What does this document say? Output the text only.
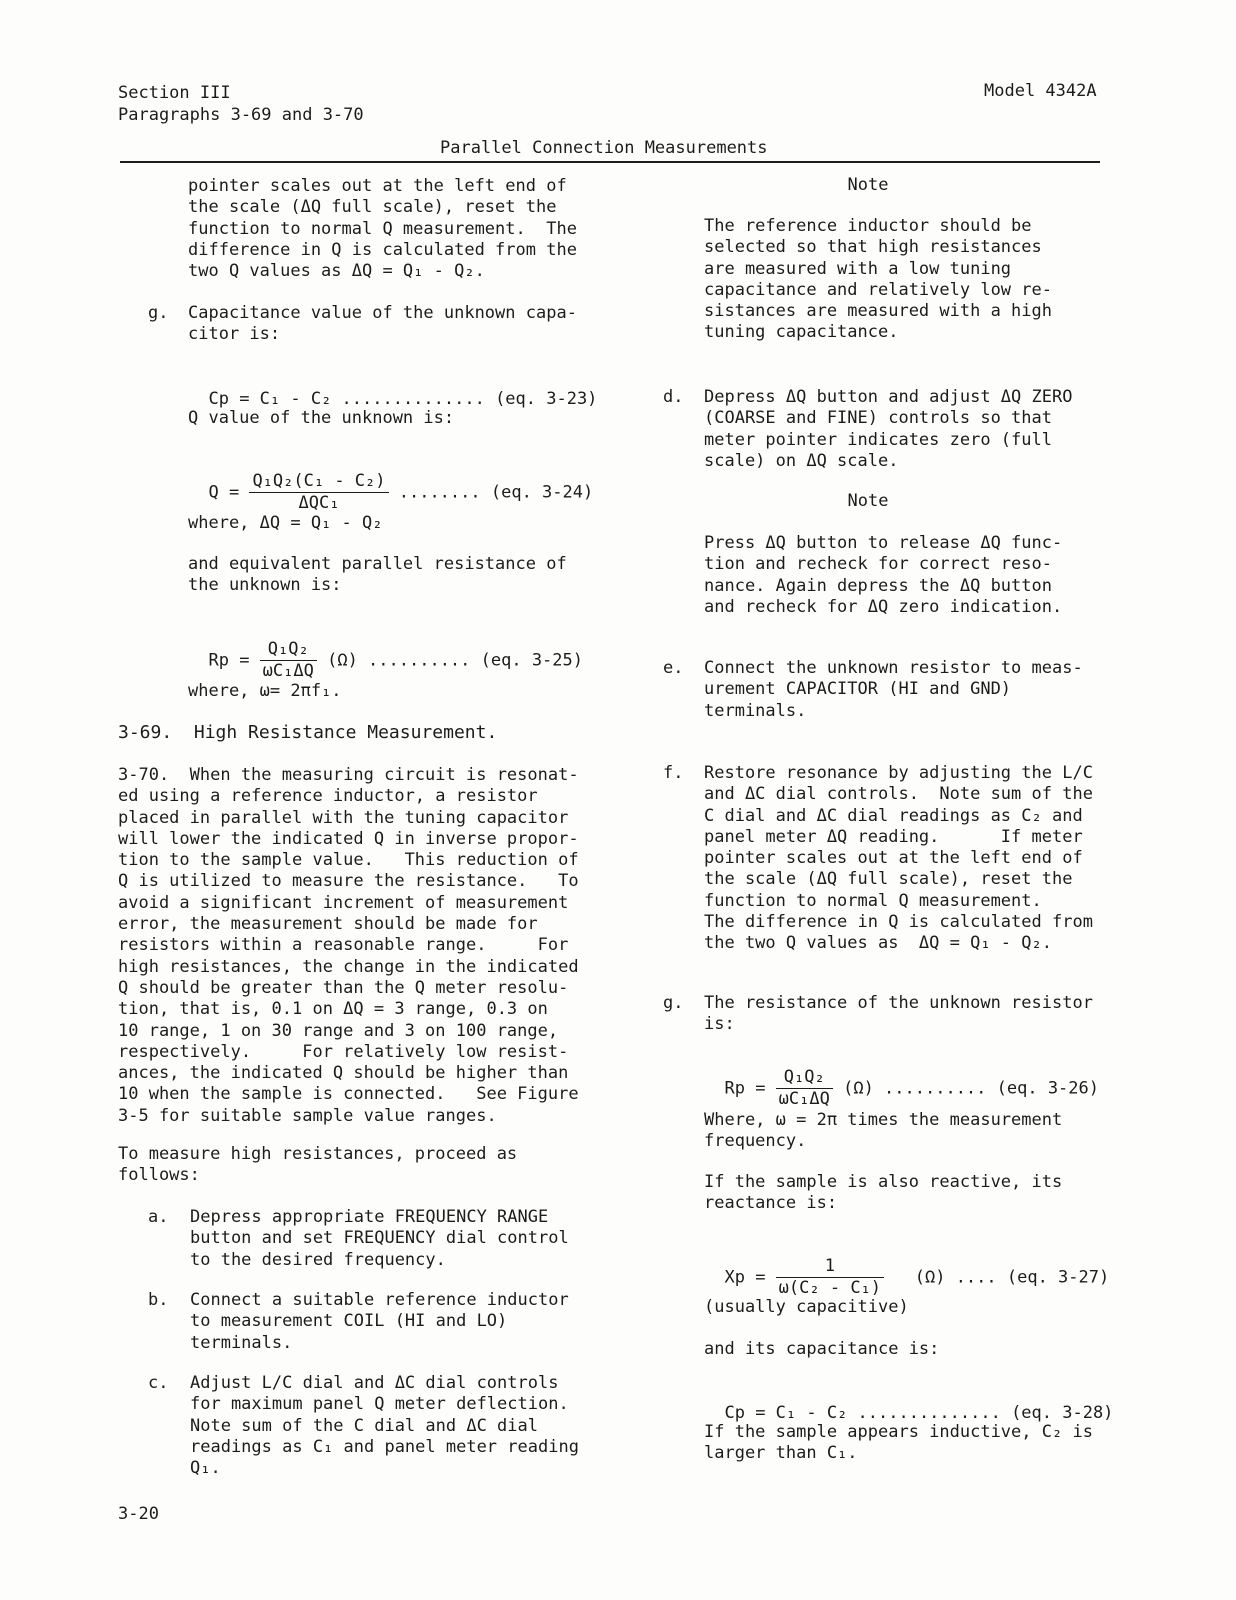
Section III
Paragraphs 3-69 and 3-70
Model 4342A
Parallel Connection Measurements
pointer scales out at the left end of
the scale (ΔQ full scale), reset the
function to normal Q measurement.  The
difference in Q is calculated from the
two Q values as ΔQ = Q₁ - Q₂.
g. Capacitance value of the unknown capa-
citor is:

Cp = C₁ - C₂ .............. (eq. 3-23)

Q value of the unknown is:

$Q = \frac{\text{Q₁Q₂(C₁ - C₂)}}{\text{ΔQC₁}}$ ........ (eq. 3-24)

where, ΔQ = Q₁ - Q₂
and equivalent parallel resistance of
the unknown is:

$Rp = \frac{\text{Q₁Q₂}}{\text{ωC₁ΔQ}} (\Omega)$ .......... (eq. 3-25)

where, ω= 2πf₁.
3-69.  High Resistance Measurement.
3-70.  When the measuring circuit is resonat-
ed using a reference inductor, a resistor
placed in parallel with the tuning capacitor
will lower the indicated Q in inverse propor-
tion to the sample value.   This reduction of
Q is utilized to measure the resistance.   To
avoid a significant increment of measurement
error, the measurement should be made for
resistors within a reasonable range.     For
high resistances, the change in the indicated
Q should be greater than the Q meter resolu-
tion, that is, 0.1 on ΔQ = 3 range, 0.3 on
10 range, 1 on 30 range and 3 on 100 range,
respectively.     For relatively low resist-
ances, the indicated Q should be higher than
10 when the sample is connected.   See Figure
3-5 for suitable sample value ranges.
To measure high resistances, proceed as
follows:
a. Depress appropriate FREQUENCY RANGE
button and set FREQUENCY dial control
to the desired frequency.
b. Connect a suitable reference inductor
to measurement COIL (HI and LO)
terminals.
c. Adjust L/C dial and ΔC dial controls
for maximum panel Q meter deflection.
Note sum of the C dial and ΔC dial
readings as C₁ and panel meter reading
Q₁.
Note
The reference inductor should be
selected so that high resistances
are measured with a low tuning
capacitance and relatively low re-
sistances are measured with a high
tuning capacitance.
d. Depress ΔQ button and adjust ΔQ ZERO
(COARSE and FINE) controls so that
meter pointer indicates zero (full
scale) on ΔQ scale.
Note
Press ΔQ button to release ΔQ func-
tion and recheck for correct reso-
nance. Again depress the ΔQ button
and recheck for ΔQ zero indication.
e. Connect the unknown resistor to meas-
urement CAPACITOR (HI and GND)
terminals.
f. Restore resonance by adjusting the L/C
and ΔC dial controls.  Note sum of the
C dial and ΔC dial readings as C₂ and
panel meter ΔQ reading.      If meter
pointer scales out at the left end of
the scale (ΔQ full scale), reset the
function to normal Q measurement.
The difference in Q is calculated from
the two Q values as  ΔQ = Q₁ - Q₂.
g. The resistance of the unknown resistor
is:

$Rp = \frac{\text{Q₁Q₂}}{\text{ωC₁ΔQ}} (\Omega)$ .......... (eq. 3-26)

Where, ω = 2π times the measurement
frequency.
If the sample is also reactive, its
reactance is:

$Xp = \frac{1}{\text{ω(C₂ - C₁)}} (\Omega)$ .... (eq. 3-27)

(usually capacitive)
and its capacitance is:

Cp = C₁ - C₂ .............. (eq. 3-28)

If the sample appears inductive, C₂ is
larger than C₁.
3-20
